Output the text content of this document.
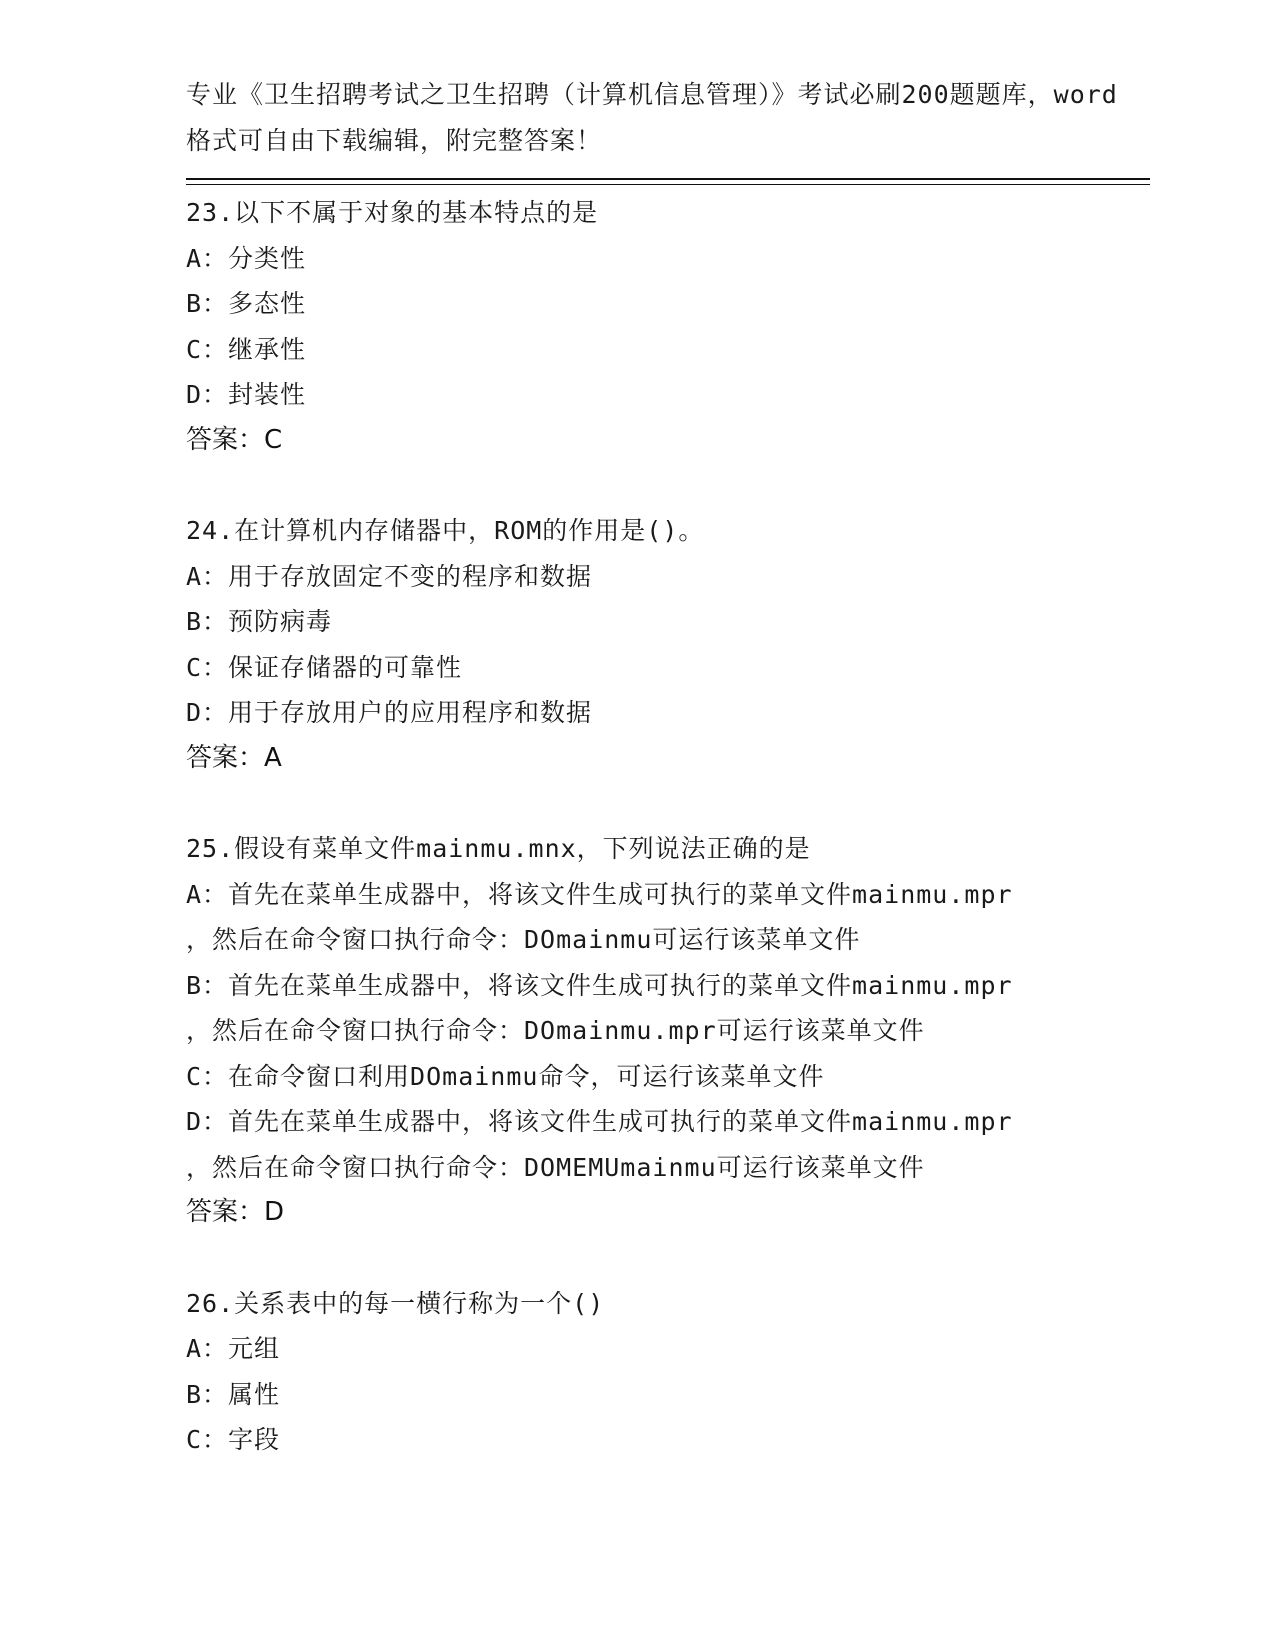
专业《卫生招聘考试之卫生招聘（计算机信息管理）》考试必刷200题题库，word
格式可自由下载编辑，附完整答案！
23.以下不属于对象的基本特点的是
A：分类性
B：多态性
C：继承性
D：封装性
答案：C
24.在计算机内存储器中，ROM的作用是()。
A：用于存放固定不变的程序和数据
B：预防病毒
C：保证存储器的可靠性
D：用于存放用户的应用程序和数据
答案：A
25.假设有菜单文件mainmu.mnx，下列说法正确的是
A：首先在菜单生成器中，将该文件生成可执行的菜单文件mainmu.mpr
，然后在命令窗口执行命令：DOmainmu可运行该菜单文件
B：首先在菜单生成器中，将该文件生成可执行的菜单文件mainmu.mpr
，然后在命令窗口执行命令：DOmainmu.mpr可运行该菜单文件
C：在命令窗口利用DOmainmu命令，可运行该菜单文件
D：首先在菜单生成器中，将该文件生成可执行的菜单文件mainmu.mpr
，然后在命令窗口执行命令：DOMEMUmainmu可运行该菜单文件
答案：D
26.关系表中的每一横行称为一个()
A：元组
B：属性
C：字段
